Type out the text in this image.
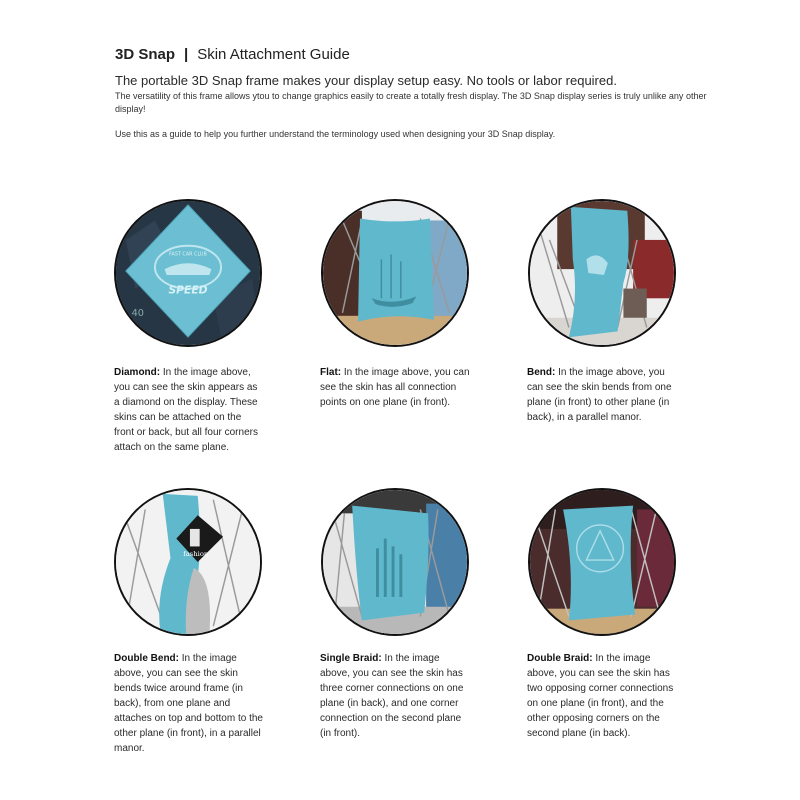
3D Snap | Skin Attachment Guide

The portable 3D Snap frame makes your display setup easy. No tools or labor required.

The versatility of this frame allows ytou to change graphics easily to create a totally fresh display. The 3D Snap display series is truly unlike any other display!

Use this as a guide to help you further understand the terminology used when designing your 3D Snap display.

40
FAST CAR CLUB
SPEED
Diamond: In the image above, you can see the skin appears as a diamond on the display. These skins can be attached on the front or back, but all four corners attach on the same plane.
Flat: In the image above, you can see the skin has all connection points on one plane (in front).
Bend: In the image above, you can see the skin bends from one plane (in front) to other plane (in back), in a parallel manor.
fashion
Double Bend: In the image above, you can see the skin bends twice around frame (in back), from one plane and attaches on top and bottom to the other plane (in front), in a parallel manor.
Single Braid: In the image above, you can see the skin has three corner connections on one plane (in back), and one corner connection on the second plane (in front).
Double Braid: In the image above, you can see the skin has two opposing corner connections on one plane (in front), and the other opposing corners on the second plane (in back).
